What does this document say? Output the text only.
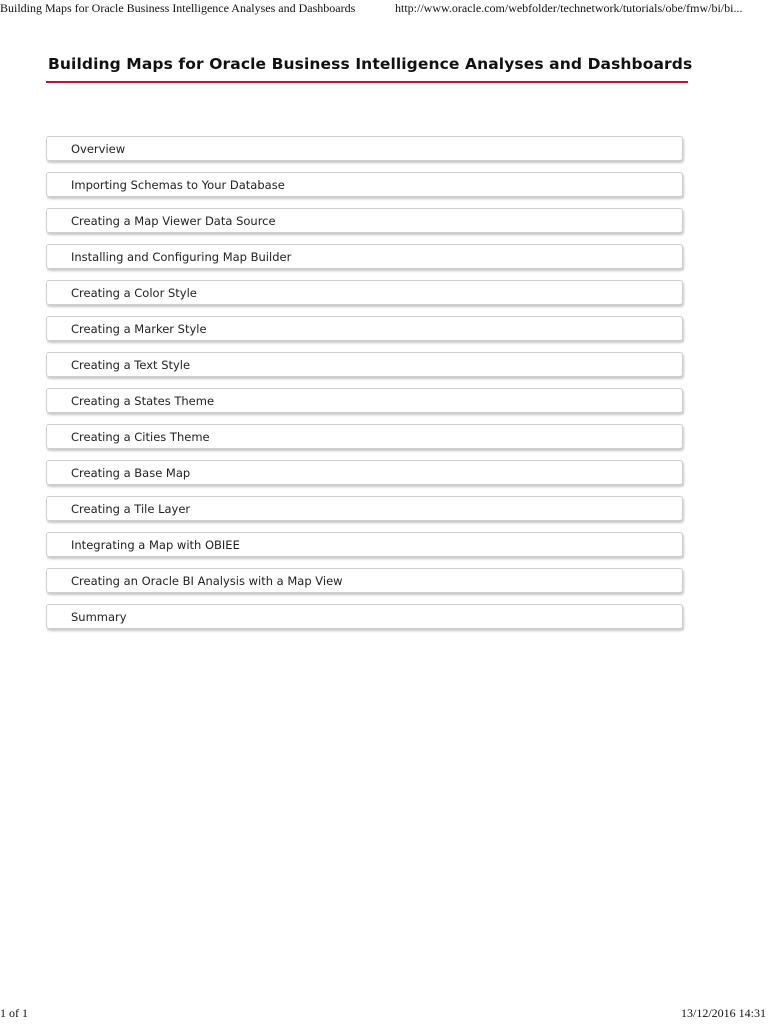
Building Maps for Oracle Business Intelligence Analyses and Dashboards	http://www.oracle.com/webfolder/technetwork/tutorials/obe/fmw/bi/bi...
Building Maps for Oracle Business Intelligence Analyses and Dashboards
Overview
Importing Schemas to Your Database
Creating a Map Viewer Data Source
Installing and Configuring Map Builder
Creating a Color Style
Creating a Marker Style
Creating a Text Style
Creating a States Theme
Creating a Cities Theme
Creating a Base Map
Creating a Tile Layer
Integrating a Map with OBIEE
Creating an Oracle BI Analysis with a Map View
Summary
1 of 1	13/12/2016 14:31
